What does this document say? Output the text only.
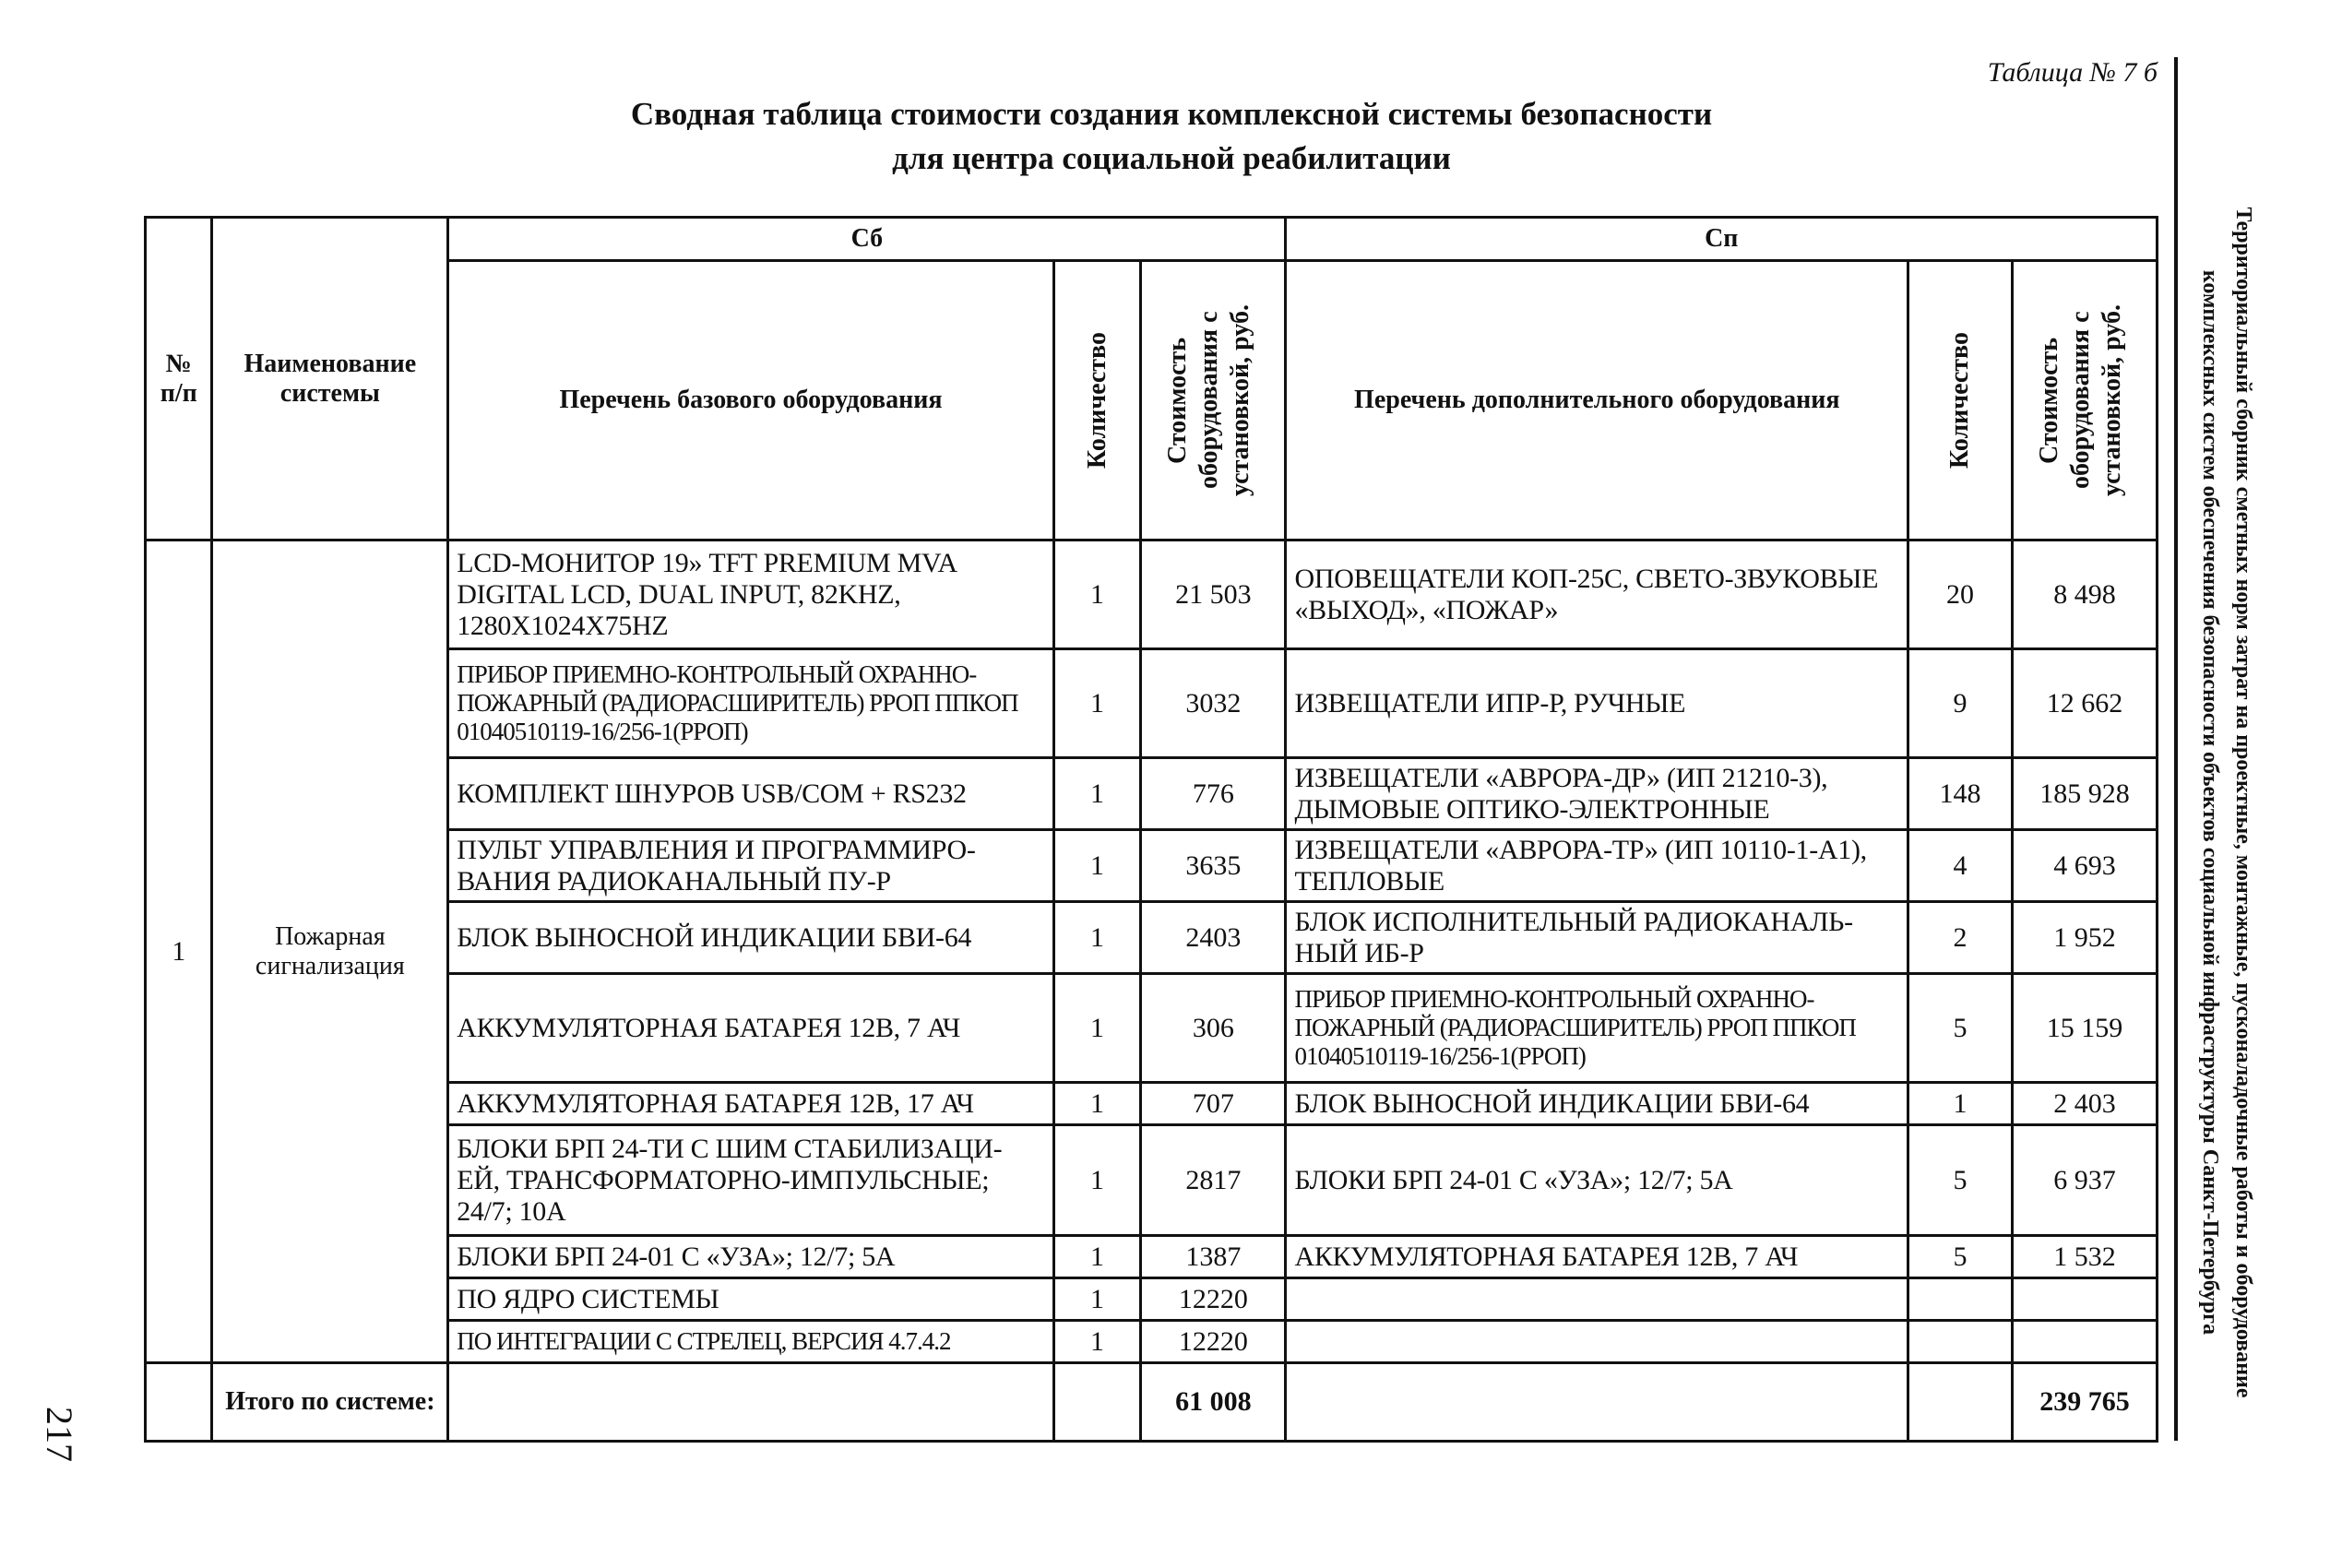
Таблица № 7 б
Сводная таблица стоимости создания комплексной системы безопасности
для центра социальной реабилитации
Территориальный сборник сметных норм затрат на проектные, монтажные, пусконаладочные работы и оборудование комплексных систем обеспечения безопасности объектов социальной инфраструктуры Санкт-Петербурга
217
№ п/п	Наименование системы	Сб			Сп		
		Перечень базового оборудования	Количество	Стоимость оборудования с установкой, руб.	Перечень дополнительного оборудования	Количество	Стоимость оборудования с установкой, руб.

1	Пожарная сигнализация	LCD-МОНИТОР 19» TFT PREMIUM MVA DIGITAL LCD, DUAL INPUT, 82KHZ, 1280X1024X75HZ	1	21 503	ОПОВЕЩАТЕЛИ КОП-25С, СВЕТО-ЗВУКОВЫЕ «ВЫХОД», «ПОЖАР»	20	8 498
		ПРИБОР ПРИЕМНО-КОНТРОЛЬНЫЙ ОХРАННО-ПОЖАРНЫЙ (РАДИОРАСШИРИТЕЛЬ) РРОП ППКОП 01040510119-16/256-1(РРОП)	1	3032	ИЗВЕЩАТЕЛИ ИПР-Р, РУЧНЫЕ	9	12 662
		КОМПЛЕКТ ШНУРОВ USB/COM + RS232	1	776	ИЗВЕЩАТЕЛИ «АВРОРА-ДР» (ИП 21210-3), ДЫМОВЫЕ ОПТИКО-ЭЛЕКТРОННЫЕ	148	185 928
		ПУЛЬТ УПРАВЛЕНИЯ И ПРОГРАММИРО-ВАНИЯ РАДИОКАНАЛЬНЫЙ ПУ-Р	1	3635	ИЗВЕЩАТЕЛИ «АВРОРА-ТР» (ИП 10110-1-А1), ТЕПЛОВЫЕ	4	4 693
		БЛОК ВЫНОСНОЙ ИНДИКАЦИИ БВИ-64	1	2403	БЛОК ИСПОЛНИТЕЛЬНЫЙ РАДИОКАНАЛЬ-НЫЙ ИБ-Р	2	1 952
		АККУМУЛЯТОРНАЯ БАТАРЕЯ 12В, 7 АЧ	1	306	ПРИБОР ПРИЕМНО-КОНТРОЛЬНЫЙ ОХРАННО-ПОЖАРНЫЙ (РАДИОРАСШИРИТЕЛЬ) РРОП ППКОП 01040510119-16/256-1(РРОП)	5	15 159
		АККУМУЛЯТОРНАЯ БАТАРЕЯ 12В, 17 АЧ	1	707	БЛОК ВЫНОСНОЙ ИНДИКАЦИИ БВИ-64	1	2 403
		БЛОКИ БРП 24-ТИ С ШИМ СТАБИЛИЗАЦИ-ЕЙ, ТРАНСФОРМАТОРНО-ИМПУЛЬСНЫЕ; 24/7; 10А	1	2817	БЛОКИ БРП 24-01 С «УЗА»; 12/7; 5А	5	6 937
		БЛОКИ БРП 24-01 С «УЗА»; 12/7; 5А	1	1387	АККУМУЛЯТОРНАЯ БАТАРЕЯ 12В, 7 АЧ	5	1 532
		ПО ЯДРО СИСТЕМЫ	1	12220			
		ПО ИНТЕГРАЦИИ С СТРЕЛЕЦ, ВЕРСИЯ 4.7.4.2	1	12220			
	Итого по системе:			61 008			239 765
